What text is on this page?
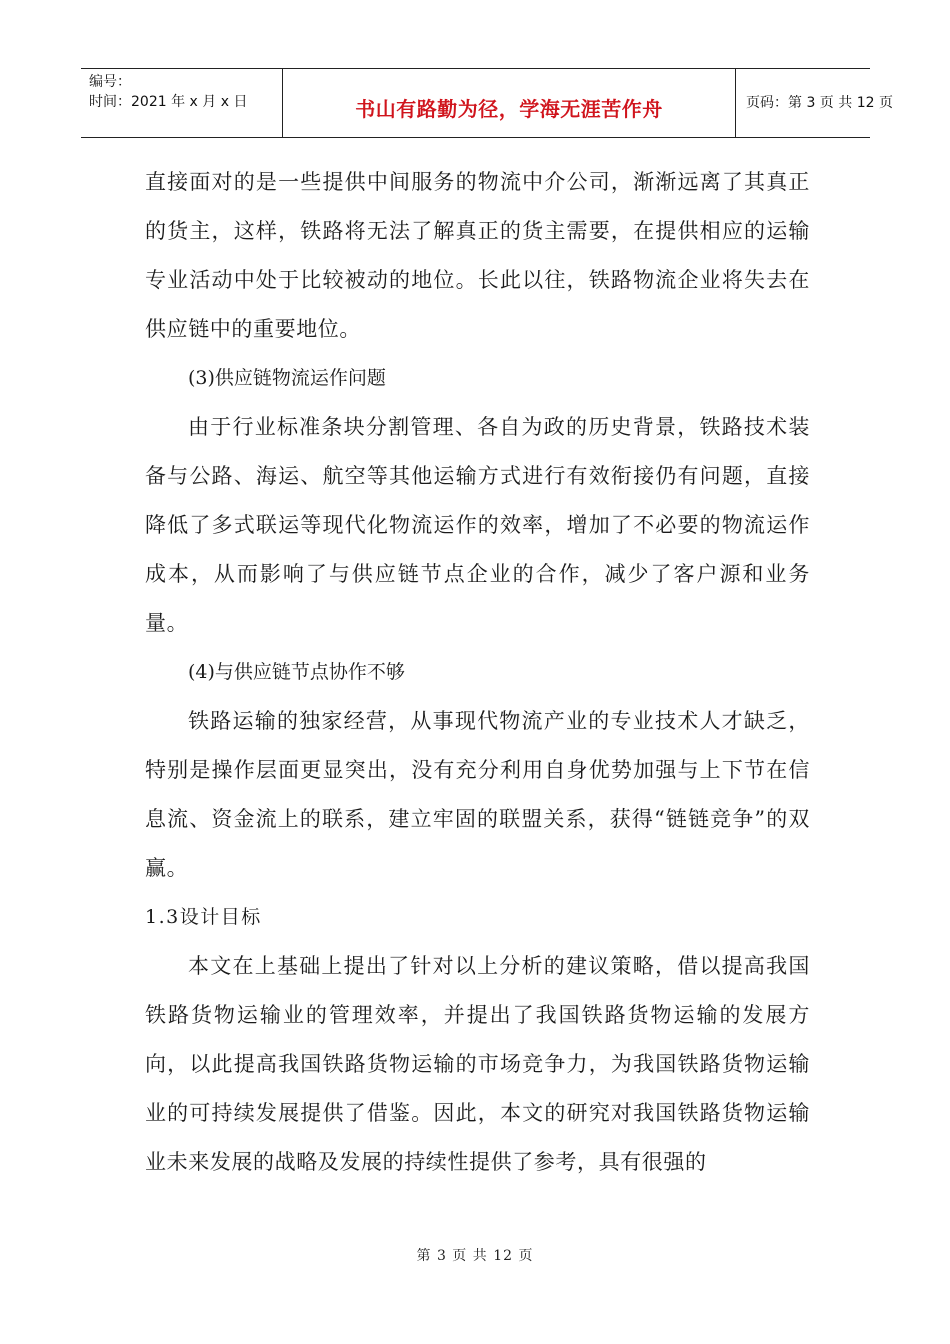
编号：
时间：2021 年 x 月 x 日	书山有路勤为径，学海无涯苦作舟	页码：第 3 页 共 12 页

直接面对的是一些提供中间服务的物流中介公司，渐渐远离了其真正的货主，这样，铁路将无法了解真正的货主需要，在提供相应的运输专业活动中处于比较被动的地位。长此以往，铁路物流企业将失去在供应链中的重要地位。

(3)供应链物流运作问题

由于行业标准条块分割管理、各自为政的历史背景，铁路技术装备与公路、海运、航空等其他运输方式进行有效衔接仍有问题，直接降低了多式联运等现代化物流运作的效率，增加了不必要的物流运作成本，从而影响了与供应链节点企业的合作，减少了客户源和业务量。

(4)与供应链节点协作不够

铁路运输的独家经营，从事现代物流产业的专业技术人才缺乏，特别是操作层面更显突出，没有充分利用自身优势加强与上下节在信息流、资金流上的联系，建立牢固的联盟关系，获得“链链竞争”的双赢。

1.3设计目标

本文在上基础上提出了针对以上分析的建议策略，借以提高我国铁路货物运输业的管理效率，并提出了我国铁路货物运输的发展方向，以此提高我国铁路货物运输的市场竞争力，为我国铁路货物运输业的可持续发展提供了借鉴。因此，本文的研究对我国铁路货物运输业未来发展的战略及发展的持续性提供了参考，具有很强的

第 3 页 共 12 页
